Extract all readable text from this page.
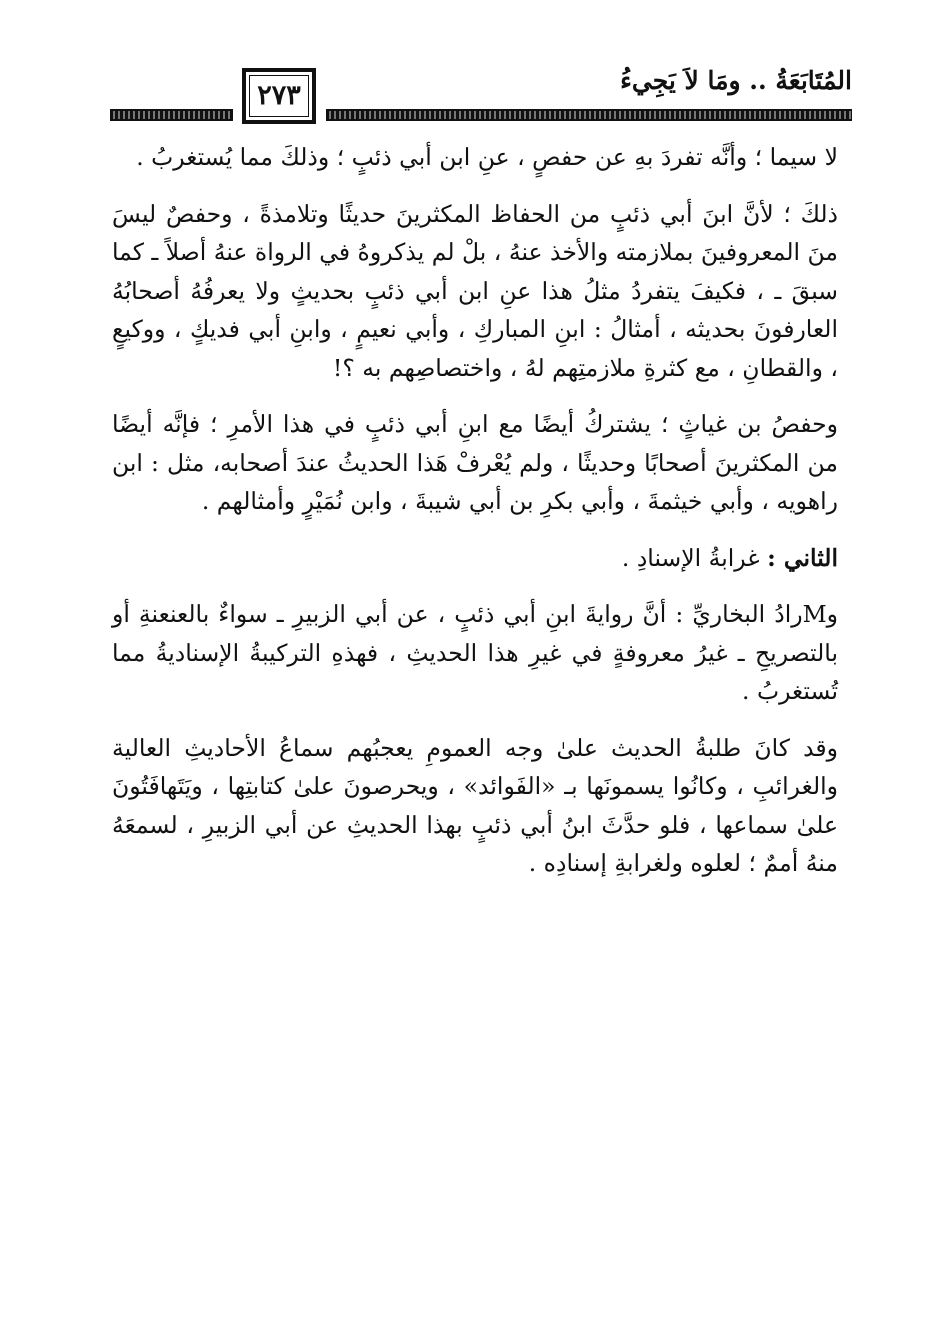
المُتَابَعَةُ .. ومَا لاَ يَجِيءُ
٢٧٣

لا سيما ؛ وأنَّه تفردَ بهِ عن حفصٍ ، عنِ ابن أبي ذئبٍ ؛ وذلكَ مما يُستغربُ .

ذلكَ ؛ لأنَّ ابنَ أبي ذئبٍ من الحفاظ المكثرينَ حديثًا وتلامذةً ، وحفصٌ ليسَ منَ المعروفينَ بملازمته والأخذ عنهُ ، بلْ لم يذكروهُ في الرواة عنهُ أصلاً ـ كما سبقَ ـ ، فكيفَ يتفردُ مثلُ هذا عنِ ابن أبي ذئبٍ بحديثٍ ولا يعرفُهُ أصحابُهُ العارفونَ بحديثه ، أمثالُ : ابنِ المباركِ ، وأبي نعيمٍ ، وابنِ أبي فديكٍ ، ووكيعٍ ، والقطانِ ، مع كثرةِ ملازمتِهم لهُ ، واختصاصِهم به ؟!

وحفصُ بن غياثٍ ؛ يشتركُ أيضًا مع ابنِ أبي ذئبٍ في هذا الأمرِ ؛ فإنَّه أيضًا من المكثرينَ أصحابًا وحديثًا ، ولم يُعْرفْ هَذا الحديثُ عندَ أصحابه، مثل : ابن راهويه ، وأبي خيثمةَ ، وأبي بكرِ بن أبي شيبةَ ، وابن نُمَيْرٍ وأمثالهم .

الثاني : غرابةُ الإسنادِ .

وMرادُ البخاريِّ : أنَّ روايةَ ابنِ أبي ذئبٍ ، عن أبي الزبيرِ ـ سواءٌ بالعنعنةِ أو بالتصريحِ ـ غيرُ معروفةٍ في غيرِ هذا الحديثِ ، فهذهِ التركيبةُ الإسناديةُ مما تُستغربُ .

وقد كانَ طلبةُ الحديث علىٰ وجه العمومِ يعجبُهم سماعُ الأحاديثِ العالية والغرائبِ ، وكانُوا يسمونَها بـ «الفَوائد» ، ويحرصونَ علىٰ كتابتِها ، ويَتَهافَتُونَ علىٰ سماعها ، فلو حدَّثَ ابنُ أبي ذئبٍ بهذا الحديثِ عن أبي الزبيرِ ، لسمعَهُ منهُ أممٌ ؛ لعلوه ولغرابةِ إسنادِه .
